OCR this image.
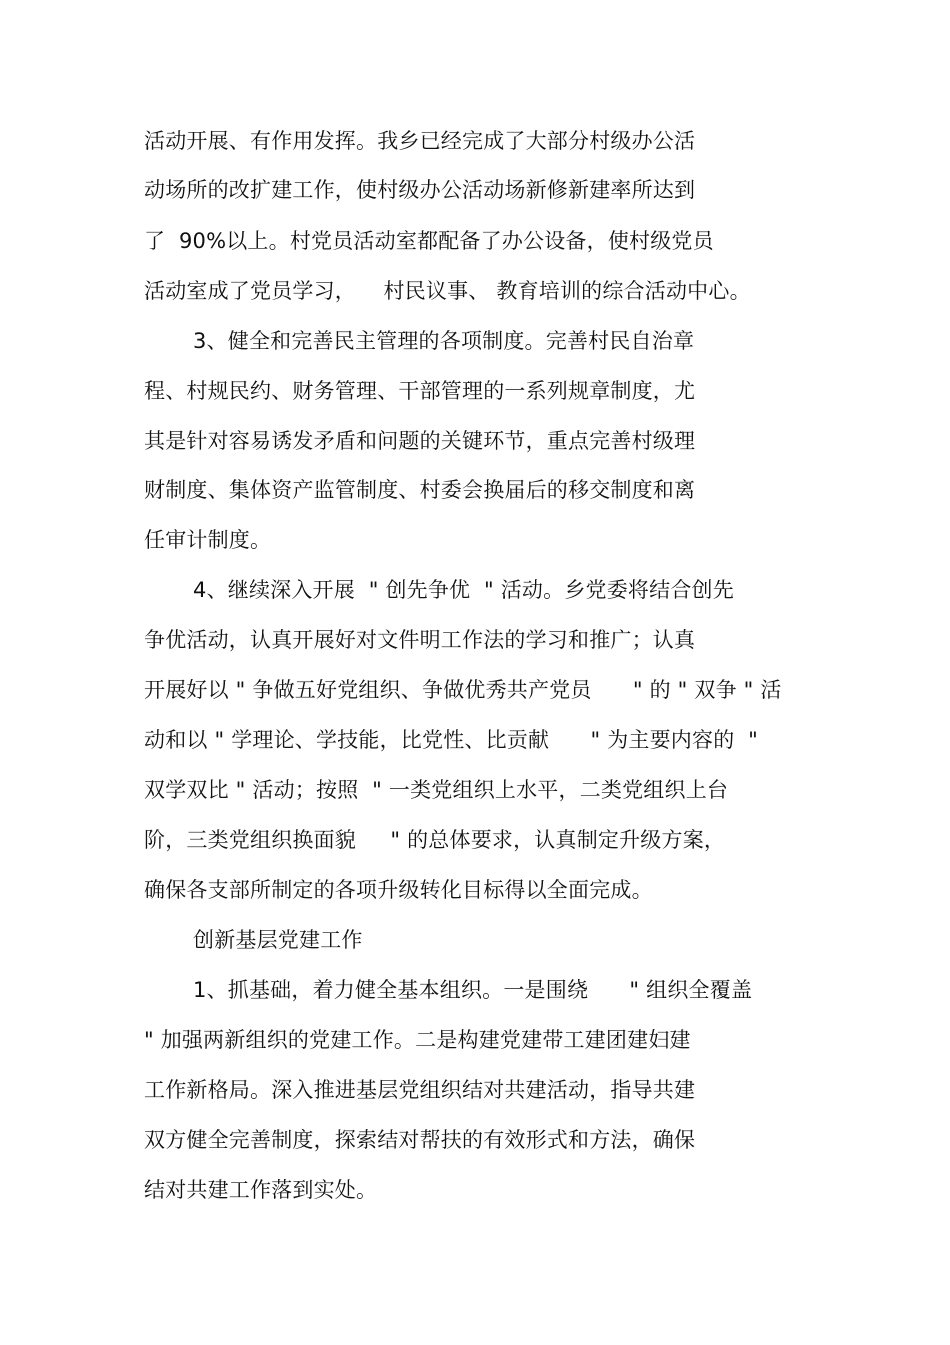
活动开展、有作用发挥。我乡已经完成了大部分村级办公活
动场所的改扩建工作，使村级办公活动场新修新建率所达到
了  90%以上。村党员活动室都配备了办公设备，使村级党员
活动室成了党员学习，    村民议事、 教育培训的综合活动中心。
3、健全和完善民主管理的各项制度。完善村民自治章
程、村规民约、财务管理、干部管理的一系列规章制度，尤
其是针对容易诱发矛盾和问题的关键环节，重点完善村级理
财制度、集体资产监管制度、村委会换届后的移交制度和离
任审计制度。
4、继续深入开展  " 创先争优  " 活动。乡党委将结合创先
争优活动，认真开展好对文件明工作法的学习和推广；认真
开展好以 " 争做五好党组织、争做优秀共产党员      " 的 " 双争 " 活
动和以 " 学理论、学技能，比党性、比贡献      " 为主要内容的  "
双学双比 " 活动；按照  " 一类党组织上水平，二类党组织上台
阶，三类党组织换面貌     " 的总体要求，认真制定升级方案，
确保各支部所制定的各项升级转化目标得以全面完成。
创新基层党建工作
1、抓基础，着力健全基本组织。一是围绕      " 组织全覆盖
" 加强两新组织的党建工作。二是构建党建带工建团建妇建
工作新格局。深入推进基层党组织结对共建活动，指导共建
双方健全完善制度，探索结对帮扶的有效形式和方法，确保
结对共建工作落到实处。
